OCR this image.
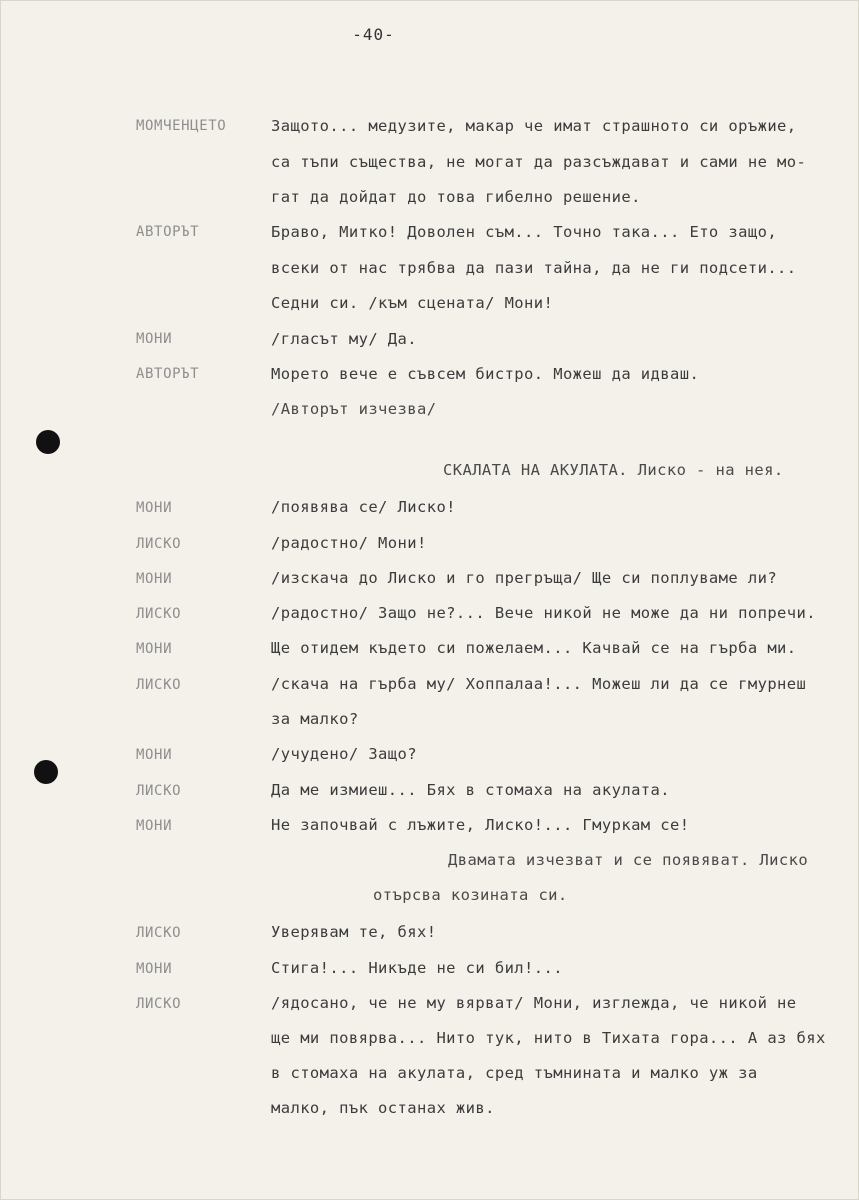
-40-
МОМЧЕНЦЕТО	Защото... медузите, макар че имат страшното си оръжие,
са тъпи същества, не могат да разсъждават и сами не мо-
гат да дойдат до това гибелно решение.
АВТОРЪТ	Браво, Митко! Доволен съм... Точно така... Ето защо,
всеки от нас трябва да пази тайна, да не ги подсети...
Седни си. /към сцената/ Мони!
МОНИ	/гласът му/ Да.
АВТОРЪТ	Морето вече е съвсем бистро. Можеш да идваш.
/Авторът изчезва/
СКАЛАТА НА АКУЛАТА. Лиско - на нея.
МОНИ	/появява се/ Лиско!
ЛИСКО	/радостно/ Мони!
МОНИ	/изскача до Лиско и го прегръща/ Ще си поплуваме ли?
ЛИСКО	/радостно/ Защо не?... Вече никой не може да ни попречи.
МОНИ	Ще отидем където си пожелаем... Качвай се на гърба ми.
ЛИСКО	/скача на гърба му/ Хоппалаа!... Можеш ли да се гмурнеш
за малко?
МОНИ	/учудено/ Защо?
ЛИСКО	Да ме измиеш... Бях в стомаха на акулата.
МОНИ	Не започвай с лъжите, Лиско!... Гмуркам се!
Двамата изчезват и се появяват. Лиско
отърсва козината си.
ЛИСКО	Уверявам те, бях!
МОНИ	Стига!... Никъде не си бил!...
ЛИСКО	/ядосано, че не му вярват/ Мони, изглежда, че никой не
ще ми повярва... Нито тук, нито в Тихата гора... А аз бях
в стомаха на акулата, сред тъмнината и малко уж за
малко, пък останах жив.
